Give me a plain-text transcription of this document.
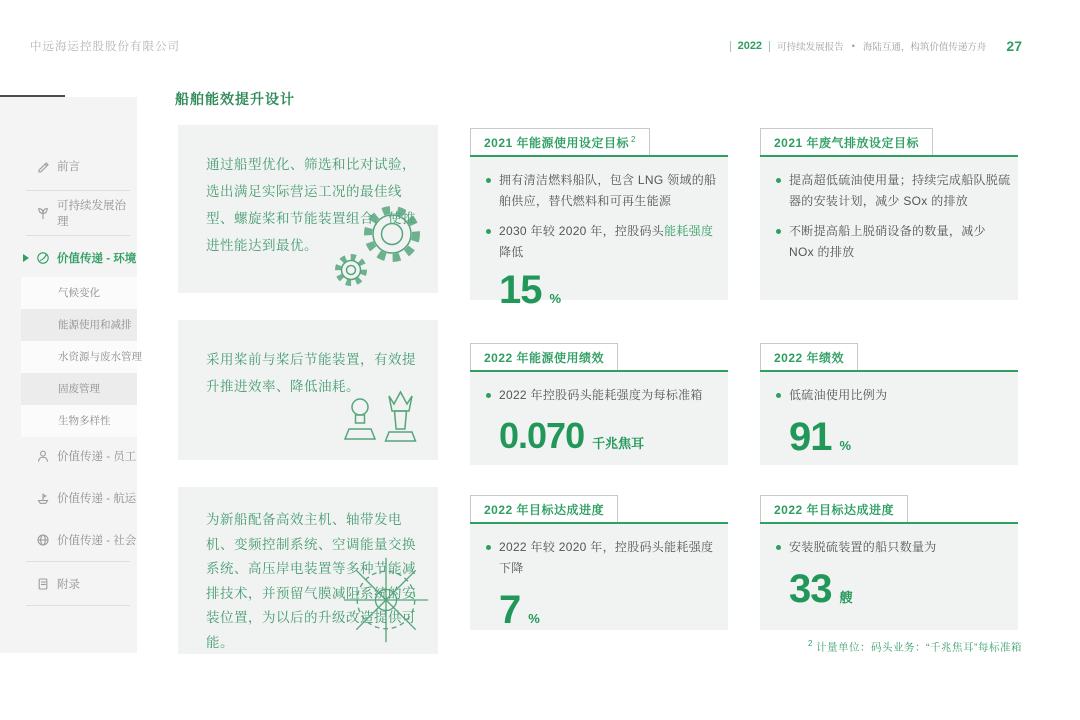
中远海运控股股份有限公司	2022 可持续发展报告 • 海陆互通，构筑价值传递方舟 27
前言
可持续发展治理
价值传递 - 环境
气候变化
能源使用和减排
水资源与废水管理
固废管理
生物多样性
价值传递 - 员工
价值传递 - 航运
价值传递 - 社会
附录
船舶能效提升设计

通过船型优化、筛选和比对试验，选出满足实际营运工况的最佳线型、螺旋桨和节能装置组合，使推进性能达到最优。

采用桨前与桨后节能装置，有效提升推进效率、降低油耗。

为新船配备高效主机、轴带发电机、变频控制系统、空调能量交换系统、高压岸电装置等多种节能减排技术，并预留气膜减阻系统的安装位置，为以后的升级改造提供可能。

2021 年能源使用设定目标 $^2$
拥有清洁燃料船队，包含 LNG 领域的船舶供应，替代燃料和可再生能源
2030 年较 2020 年，控股码头能耗强度降低
15 %
2022 年能源使用绩效
2022 年控股码头能耗强度为每标准箱
0.070 千兆焦耳
2022 年目标达成进度
2022 年较 2020 年，控股码头能耗强度下降
7 %
2021 年废气排放设定目标
提高超低硫油使用量；持续完成船队脱硫器的安装计划，减少 SOx 的排放
不断提高船上脱硝设备的数量，减少 NOx 的排放
2022 年绩效
低硫油使用比例为
91 %
2022 年目标达成进度
安装脱硫装置的船只数量为
33 艘
$^2$ 计量单位：码头业务：“千兆焦耳”每标准箱
